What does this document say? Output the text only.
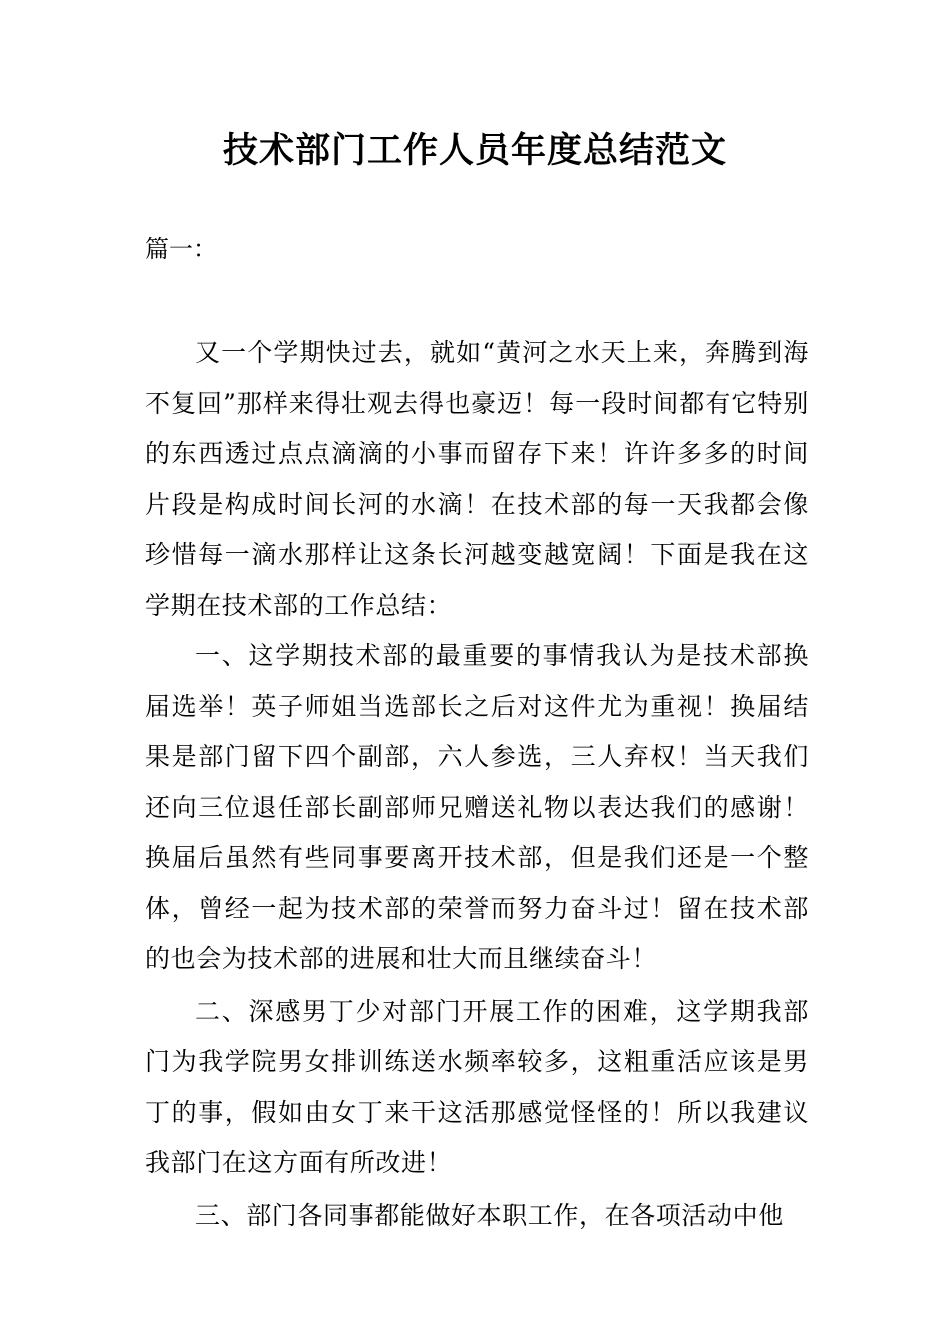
技术部门工作人员年度总结范文

篇一：

又一个学期快过去，就如“黄河之水天上来，奔腾到海不复回”那样来得壮观去得也豪迈！每一段时间都有它特别的东西透过点点滴滴的小事而留存下来！许许多多的时间片段是构成时间长河的水滴！在技术部的每一天我都会像珍惜每一滴水那样让这条长河越变越宽阔！下面是我在这学期在技术部的工作总结：

一、这学期技术部的最重要的事情我认为是技术部换届选举！英子师姐当选部长之后对这件尤为重视！换届结果是部门留下四个副部，六人参选，三人弃权！当天我们还向三位退任部长副部师兄赠送礼物以表达我们的感谢！换届后虽然有些同事要离开技术部，但是我们还是一个整体，曾经一起为技术部的荣誉而努力奋斗过！留在技术部的也会为技术部的进展和壮大而且继续奋斗！

二、深感男丁少对部门开展工作的困难，这学期我部门为我学院男女排训练送水频率较多，这粗重活应该是男丁的事，假如由女丁来干这活那感觉怪怪的！所以我建议我部门在这方面有所改进！

三、部门各同事都能做好本职工作，在各项活动中他
